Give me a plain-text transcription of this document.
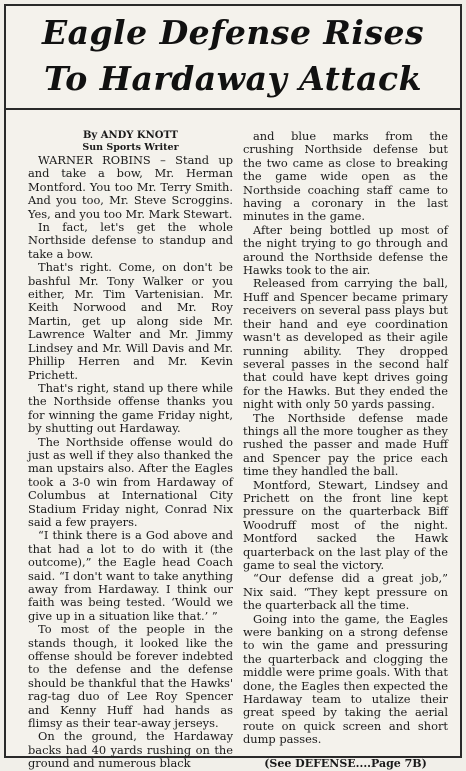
Eagle Defense Rises
To Hardaway Attack
By ANDY KNOTT
Sun Sports Writer

WARNER ROBINS – Stand up and take a bow, Mr. Herman Montford. You too Mr. Terry Smith. And you too, Mr. Steve Scroggins. Yes, and you too Mr. Mark Stewart.

In fact, let's get the whole Northside defense to standup and take a bow.

That's right. Come, on don't be bashful Mr. Tony Walker or you either, Mr. Tim Vartenisian. Mr. Keith Norwood and Mr. Roy Martin, get up along side Mr. Lawrence Walter and Mr. Jimmy Lindsey and Mr. Will Davis and Mr. Phillip Herren and Mr. Kevin Prichett.

That's right, stand up there while the Northside offense thanks you for winning the game Friday night, by shutting out Hardaway.

The Northside offense would do just as well if they also thanked the man upstairs also. After the Eagles took a 3-0 win from Hardaway of Columbus at International City Stadium Friday night, Conrad Nix said a few prayers.

“I think there is a God above and that had a lot to do with it (the outcome),” the Eagle head Coach said. “I don't want to take anything away from Hardaway. I think our faith was being tested. ‘Would we give up in a situation like that.’ ”

To most of the people in the stands though, it looked like the offense should be forever indebted to the defense and the defense should be thankful that the Hawks' rag-tag duo of Lee Roy Spencer and Kenny Huff had hands as flimsy as their tear-away jerseys.

On the ground, the Hardaway backs had 40 yards rushing on the ground and numerous black

and blue marks from the crushing Northside defense but the two came as close to breaking the game wide open as the Northside coaching staff came to having a coronary in the last minutes in the game.

After being bottled up most of the night trying to go through and around the Northside defense the Hawks took to the air.

Released from carrying the ball, Huff and Spencer became primary receivers on several pass plays but their hand and eye coordination wasn't as developed as their agile running ability. They dropped several passes in the second half that could have kept drives going for the Hawks. But they ended the night with only 50 yards passing.

The Northside defense made things all the more tougher as they rushed the passer and made Huff and Spencer pay the price each time they handled the ball.

Montford, Stewart, Lindsey and Prichett on the front line kept pressure on the quarterback Biff Woodruff most of the night. Montford sacked the Hawk quarterback on the last play of the game to seal the victory.

“Our defense did a great job,” Nix said. “They kept pressure on the quarterback all the time.

Going into the game, the Eagles were banking on a strong defense to win the game and pressuring the quarterback and clogging the middle were prime goals. With that done, the Eagles then expected the Hardaway team to utalize their great speed by taking the aerial route on quick screen and short dump passes.

(See DEFENSE....Page 7B)
